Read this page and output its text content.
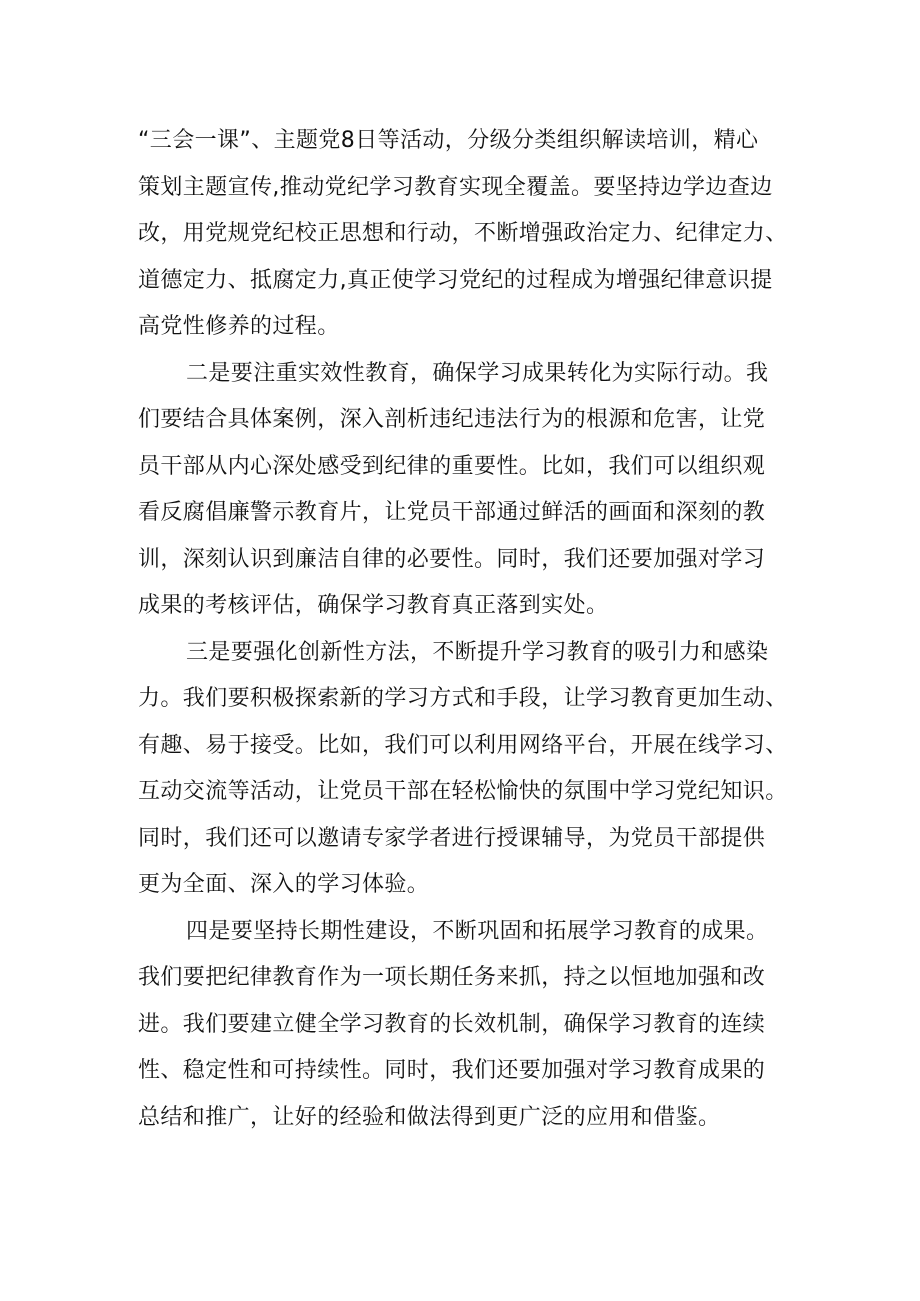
“三会一课”、主题党8日等活动，分级分类组织解读培训，精心
策划主题宣传,推动党纪学习教育实现全覆盖。要坚持边学边查边
改，用党规党纪校正思想和行动，不断增强政治定力、纪律定力、
道德定力、抵腐定力,真正使学习党纪的过程成为增强纪律意识提
高党性修养的过程。
二是要注重实效性教育，确保学习成果转化为实际行动。我
们要结合具体案例，深入剖析违纪违法行为的根源和危害，让党
员干部从内心深处感受到纪律的重要性。比如，我们可以组织观
看反腐倡廉警示教育片，让党员干部通过鲜活的画面和深刻的教
训，深刻认识到廉洁自律的必要性。同时，我们还要加强对学习
成果的考核评估，确保学习教育真正落到实处。
三是要强化创新性方法，不断提升学习教育的吸引力和感染
力。我们要积极探索新的学习方式和手段，让学习教育更加生动、
有趣、易于接受。比如，我们可以利用网络平台，开展在线学习、
互动交流等活动，让党员干部在轻松愉快的氛围中学习党纪知识。
同时，我们还可以邀请专家学者进行授课辅导，为党员干部提供
更为全面、深入的学习体验。
四是要坚持长期性建设，不断巩固和拓展学习教育的成果。
我们要把纪律教育作为一项长期任务来抓，持之以恒地加强和改
进。我们要建立健全学习教育的长效机制，确保学习教育的连续
性、稳定性和可持续性。同时，我们还要加强对学习教育成果的
总结和推广，让好的经验和做法得到更广泛的应用和借鉴。
